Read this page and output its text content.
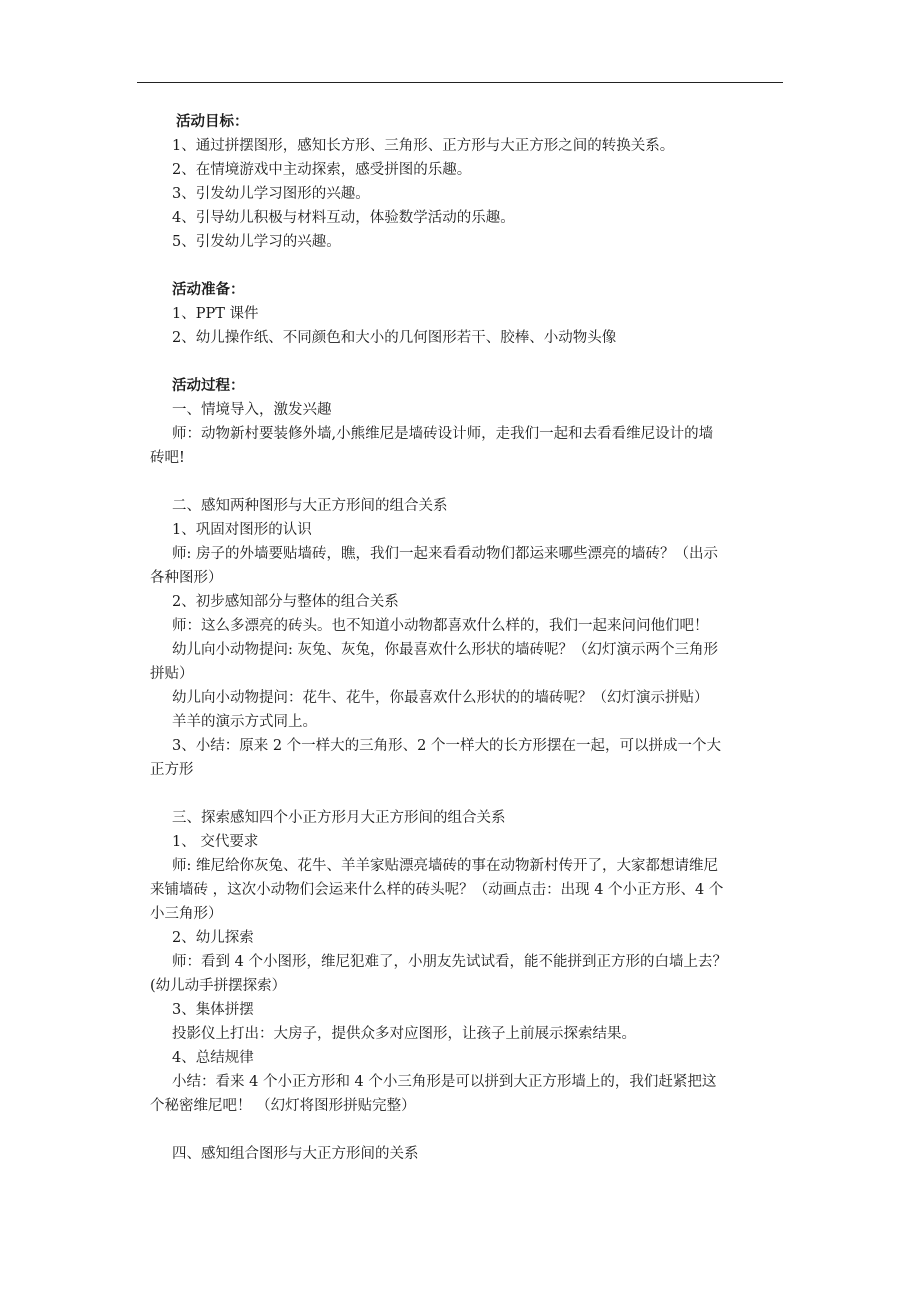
活动目标：
1、通过拼摆图形，感知长方形、三角形、正方形与大正方形之间的转换关系。
2、在情境游戏中主动探索，感受拼图的乐趣。
3、引发幼儿学习图形的兴趣。
4、引导幼儿积极与材料互动，体验数学活动的乐趣。
5、引发幼儿学习的兴趣。
活动准备：
1、PPT 课件
2、幼儿操作纸、不同颜色和大小的几何图形若干、胶棒、小动物头像
活动过程：
一、情境导入，激发兴趣
师：动物新村要装修外墙,小熊维尼是墙砖设计师，走我们一起和去看看维尼设计的墙
砖吧!
二、感知两种图形与大正方形间的组合关系
1、巩固对图形的认识
师: 房子的外墙要贴墙砖，瞧，我们一起来看看动物们都运来哪些漂亮的墙砖？（出示
各种图形）
2、初步感知部分与整体的组合关系
师：这么多漂亮的砖头。也不知道小动物都喜欢什么样的，我们一起来问问他们吧！
幼儿向小动物提问: 灰兔、灰兔，你最喜欢什么形状的墙砖呢？（幻灯演示两个三角形
拼贴）
幼儿向小动物提问：花牛、花牛，你最喜欢什么形状的的墙砖呢？（幻灯演示拼贴）
羊羊的演示方式同上。
3、小结：原来 2 个一样大的三角形、2 个一样大的长方形摆在一起，可以拼成一个大
正方形
三、探索感知四个小正方形月大正方形间的组合关系
1、 交代要求
师: 维尼给你灰兔、花牛、羊羊家贴漂亮墙砖的事在动物新村传开了，大家都想请维尼
来铺墙砖 ，这次小动物们会运来什么样的砖头呢？（动画点击：出现 4 个小正方形、4 个
小三角形）
2、幼儿探索
师：看到 4 个小图形，维尼犯难了，小朋友先试试看，能不能拼到正方形的白墙上去？
(幼儿动手拼摆探索）
3、集体拼摆
投影仪上打出：大房子，提供众多对应图形，让孩子上前展示探索结果。
4、总结规律
小结：看来 4 个小正方形和 4 个小三角形是可以拼到大正方形墙上的，我们赶紧把这
个秘密维尼吧！ （幻灯将图形拼贴完整）
四、感知组合图形与大正方形间的关系
